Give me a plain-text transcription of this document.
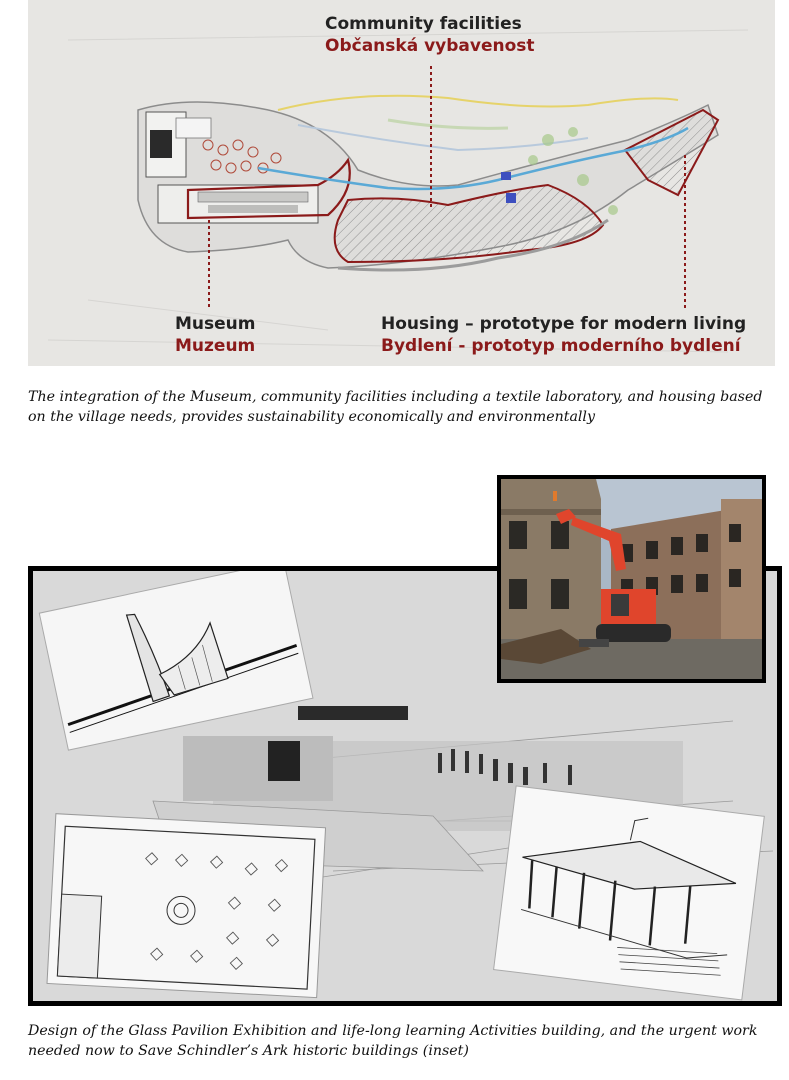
Community facilities
Občanská vybavenost
Museum
Muzeum
Housing – prototype for modern living
Bydlení - prototyp moderního bydlení
The integration of the Museum, community facilities including a textile laboratory, and housing based on the village needs, provides sustainability economically and environmentally
Design of the Glass Pavilion Exhibition and life-long learning Activities building, and the urgent work needed now to Save Schindler’s Ark historic buildings (inset)
